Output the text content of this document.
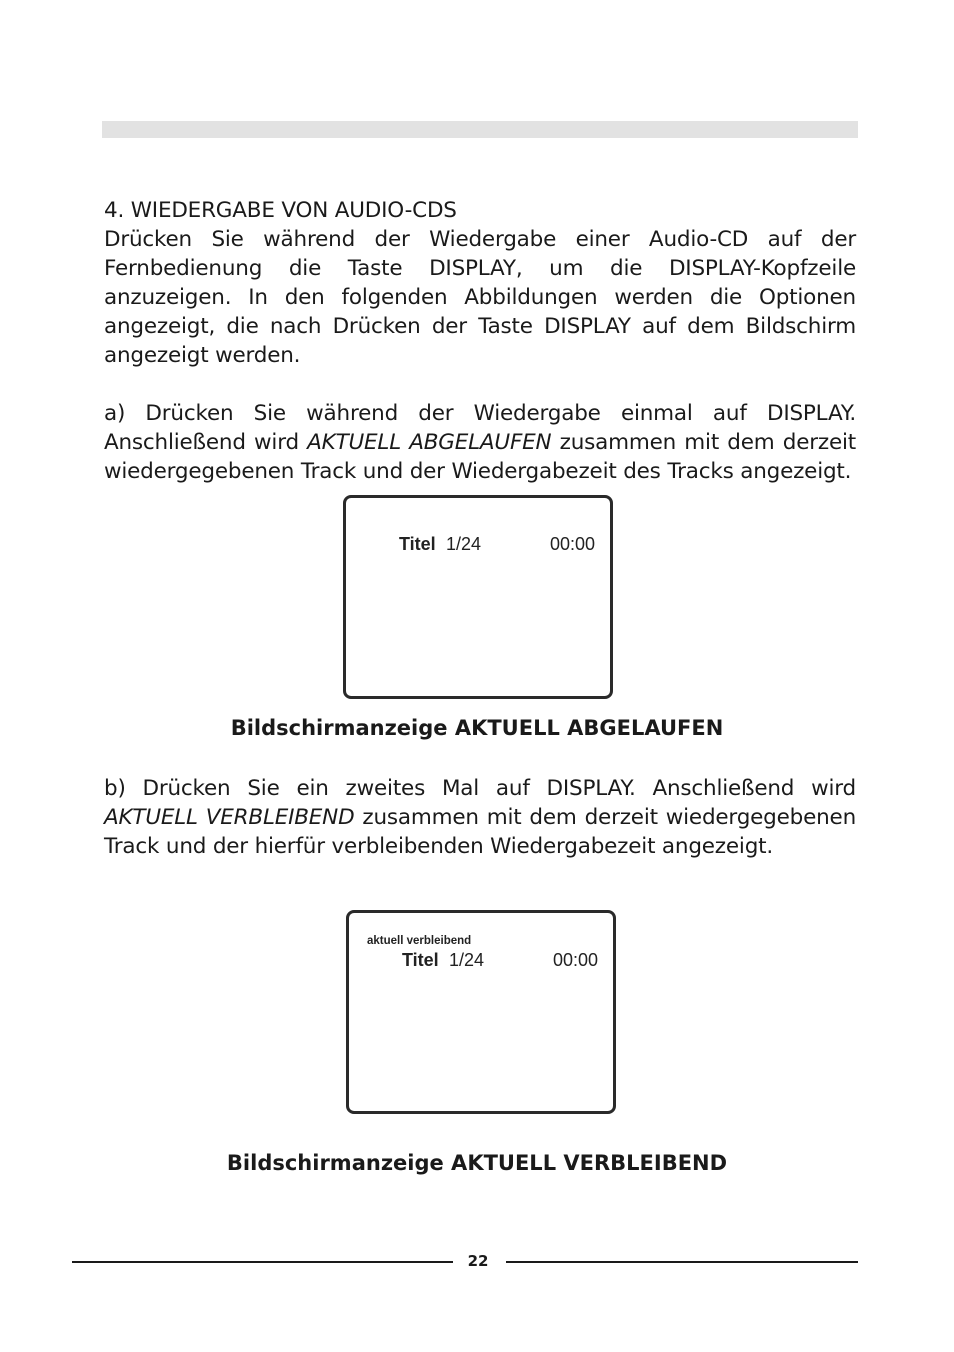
4. WIEDERGABE VON AUDIO-CDS

Drücken Sie während der Wiedergabe einer Audio-CD auf der Fernbedienung die Taste DISPLAY, um die DISPLAY-Kopfzeile anzuzeigen. In den folgenden Abbildungen werden die Optionen angezeigt, die nach Drücken der Taste DISPLAY auf dem Bildschirm angezeigt werden.

a) Drücken Sie während der Wiedergabe einmal auf DISPLAY. Anschließend wird AKTUELL ABGELAUFEN zusammen mit dem derzeit wiedergegebenen Track und der Wiedergabezeit des Tracks angezeigt.

Titel 1/24	00:00
Bildschirmanzeige AKTUELL ABGELAUFEN

b) Drücken Sie ein zweites Mal auf DISPLAY. Anschließend wird AKTUELL VERBLEIBEND zusammen mit dem derzeit wiedergegebenen Track und der hierfür verbleibenden Wiedergabezeit angezeigt.

aktuell verbleibend
Titel 1/24	00:00
Bildschirmanzeige AKTUELL VERBLEIBEND
22
